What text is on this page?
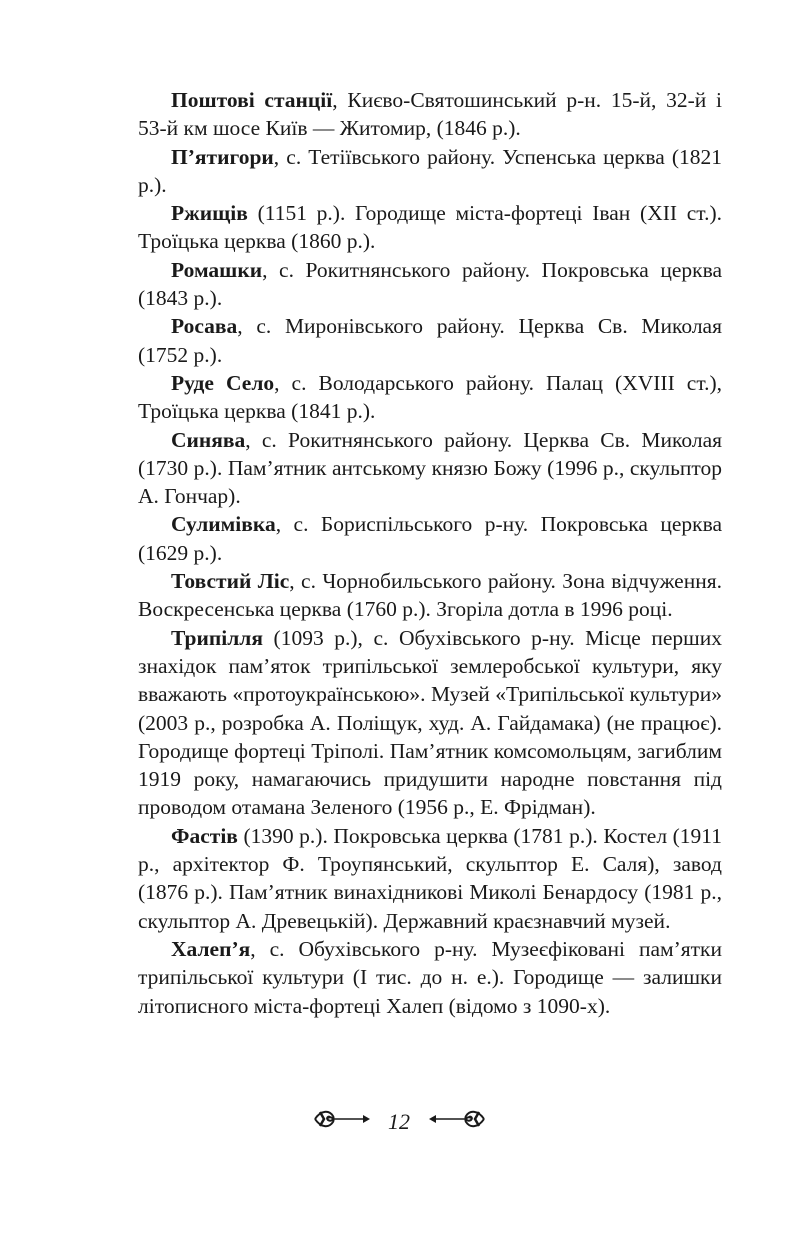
Поштові станції, Києво-Святошинський р-н. 15-й, 32-й і 53-й км шосе Київ — Житомир, (1846 р.).

П’ятигори, с. Тетіївського району. Успенська церква (1821 р.).

Ржищів (1151 р.). Городище міста-фортеці Іван (XII ст.). Троїцька церква (1860 р.).

Ромашки, с. Рокитнянського району. Покровська церква (1843 р.).

Росава, с. Миронівського району. Церква Св. Миколая (1752 р.).

Руде Село, с. Володарського району. Палац (XVIII ст.), Троїцька церква (1841 р.).

Синява, с. Рокитнянського району. Церква Св. Миколая (1730 р.). Пам’ятник антському князю Божу (1996 р., скульптор А. Гончар).

Сулимівка, с. Бориспільського р-ну. Покровська церква (1629 р.).

Товстий Ліс, с. Чорнобильського району. Зона відчуження. Воскресенська церква (1760 р.). Згоріла дотла в 1996 році.

Трипілля (1093 р.), с. Обухівського р-ну. Місце перших знахідок пам’яток трипільської землеробської культури, яку вважають «протоукраїнською». Музей «Трипільської культури» (2003 р., розробка А. Поліщук, худ. А. Гайдамака) (не працює). Городище фортеці Тріполі. Пам’ятник комсомольцям, загиблим 1919 року, намагаючись придушити народне повстання під проводом отамана Зеленого (1956 р., Е. Фрідман).

Фастів (1390 р.). Покровська церква (1781 р.). Костел (1911 р., архітектор Ф. Троупянський, скульптор Е. Саля), завод (1876 р.). Пам’ятник винахідникові Миколі Бенардосу (1981 р., скульптор А. Древецькій). Державний краєзнавчий музей.

Халеп’я, с. Обухівського р-ну. Музеєфіковані пам’ятки трипільської культури (І тис. до н. е.). Городище — залишки літописного міста-фортеці Халеп (відомо з 1090-х).

12
